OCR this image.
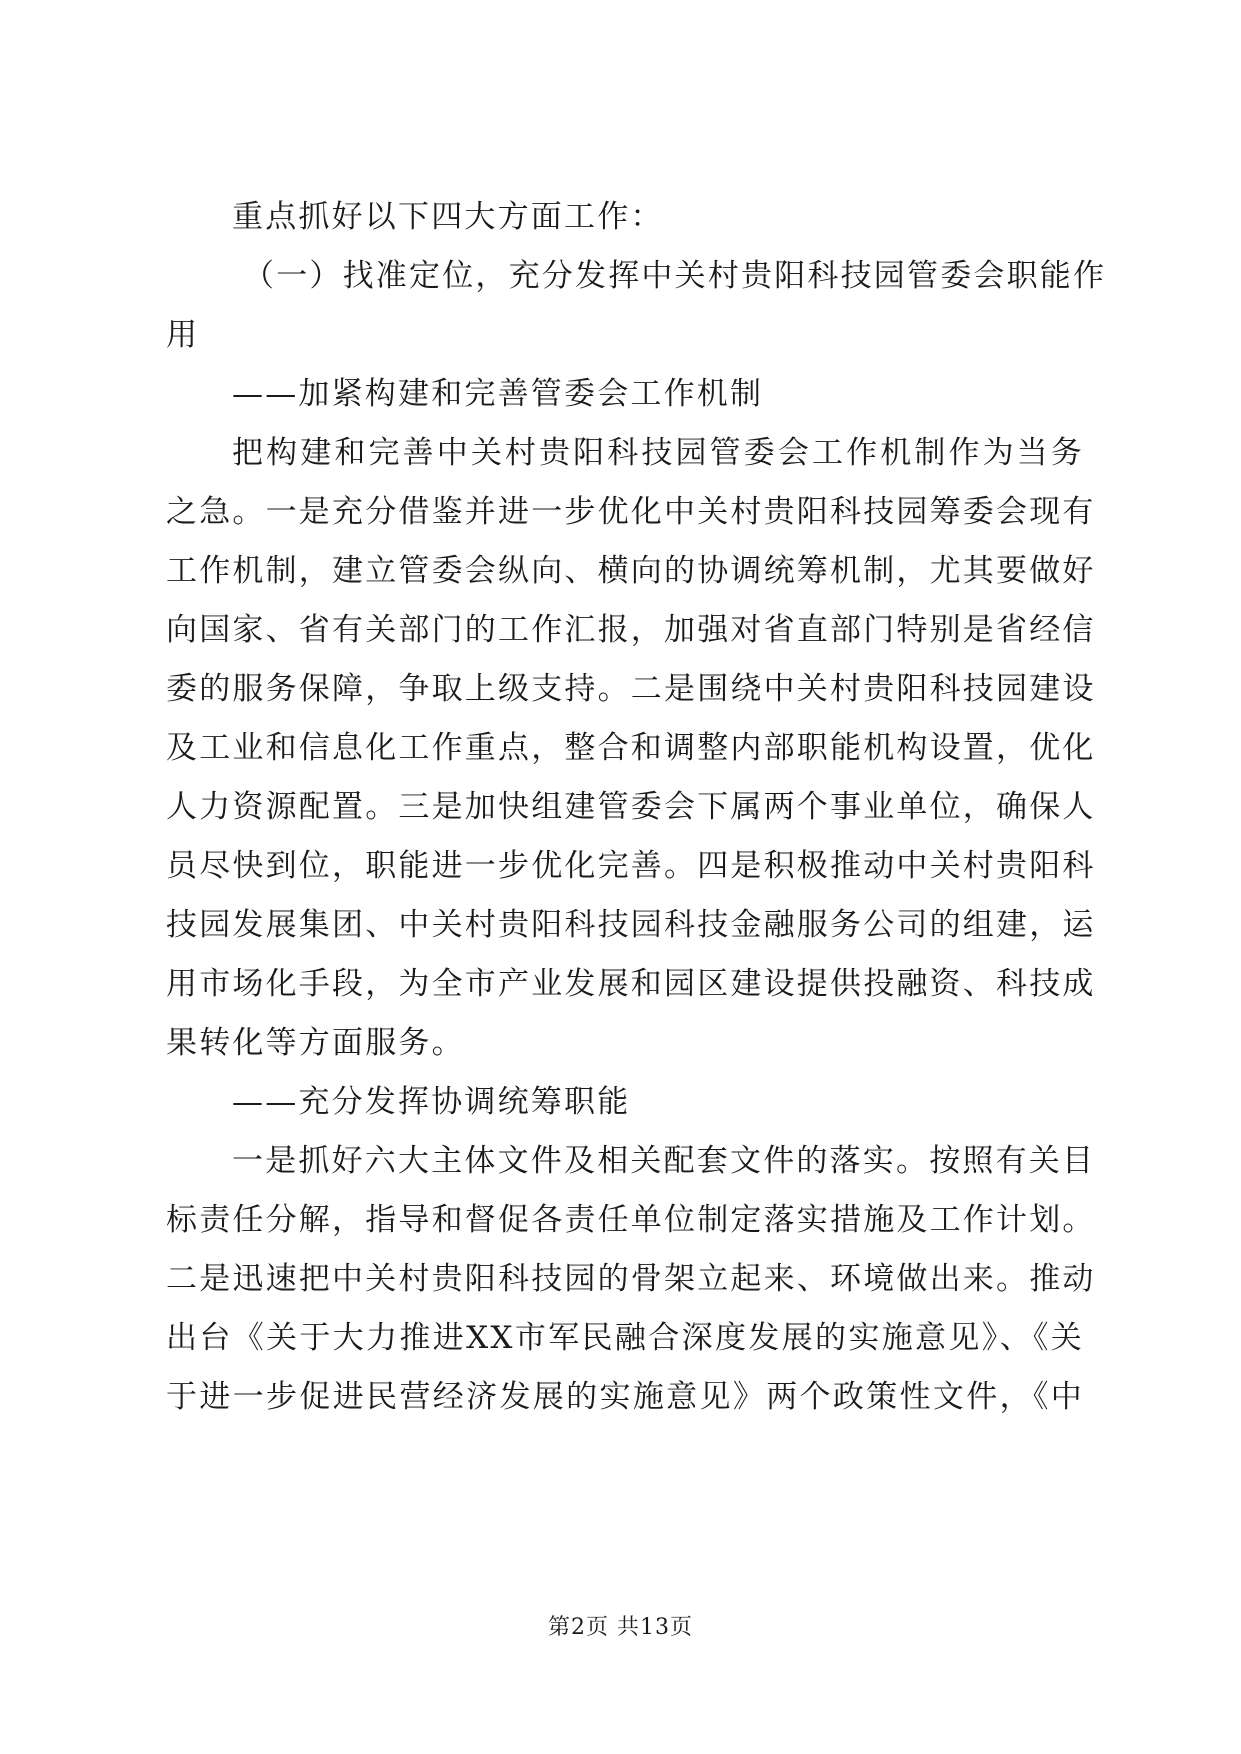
重点抓好以下四大方面工作：
（一）找准定位，充分发挥中关村贵阳科技园管委会职能作
用
——加紧构建和完善管委会工作机制
把构建和完善中关村贵阳科技园管委会工作机制作为当务
之急。一是充分借鉴并进一步优化中关村贵阳科技园筹委会现有
工作机制，建立管委会纵向、横向的协调统筹机制，尤其要做好
向国家、省有关部门的工作汇报，加强对省直部门特别是省经信
委的服务保障，争取上级支持。二是围绕中关村贵阳科技园建设
及工业和信息化工作重点，整合和调整内部职能机构设置，优化
人力资源配置。三是加快组建管委会下属两个事业单位，确保人
员尽快到位，职能进一步优化完善。四是积极推动中关村贵阳科
技园发展集团、中关村贵阳科技园科技金融服务公司的组建，运
用市场化手段，为全市产业发展和园区建设提供投融资、科技成
果转化等方面服务。
——充分发挥协调统筹职能
一是抓好六大主体文件及相关配套文件的落实。按照有关目
标责任分解，指导和督促各责任单位制定落实措施及工作计划。
二是迅速把中关村贵阳科技园的骨架立起来、环境做出来。推动
出台《关于大力推进XX市军民融合深度发展的实施意见》、《关
于进一步促进民营经济发展的实施意见》两个政策性文件，《中
第2页 共13页
